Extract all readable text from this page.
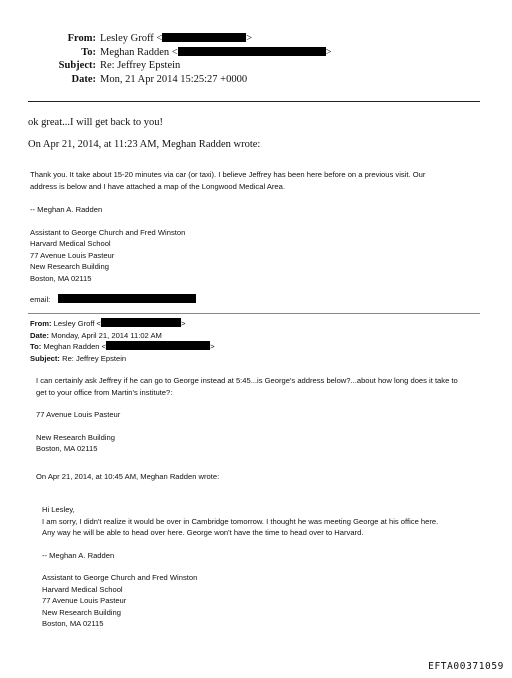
From: Lesley Groff <	>
To: Meghan Radden <	>
Subject: Re: Jeffrey Epstein
Date: Mon, 21 Apr 2014 15:25:27 +0000
ok great...I will get back to you!
On Apr 21, 2014, at 11:23 AM, Meghan Radden wrote:
Thank you. It take about 15-20 minutes via car (or taxi). I believe Jeffrey has been here before on a previous visit. Our
address is below and I have attached a map of the Longwood Medical Area.
-- Meghan A. Radden
Assistant to George Church and Fred Winston
Harvard Medical School
77 Avenue Louis Pasteur
New Research Building
Boston, MA 02115
email:
From: Lesley Groff <	>
Date: Monday, April 21, 2014 11:02 AM
To: Meghan Radden <	>
Subject: Re: Jeffrey Epstein
I can certainly ask Jeffrey if he can go to George instead at 5:45...is George's address below?...about how long does it take to
get to your office from Martin's institute?:
77 Avenue Louis Pasteur
New Research Building
Boston, MA 02115
On Apr 21, 2014, at 10:45 AM, Meghan Radden wrote:
Hi Lesley,
I am sorry, I didn't realize it would be over in Cambridge tomorrow. I thought he was meeting George at his office here.
Any way he will be able to head over here. George won't have the time to head over to Harvard.
-- Meghan A. Radden
Assistant to George Church and Fred Winston
Harvard Medical School
77 Avenue Louis Pasteur
New Research Building
Boston, MA 02115
EFTA00371059
